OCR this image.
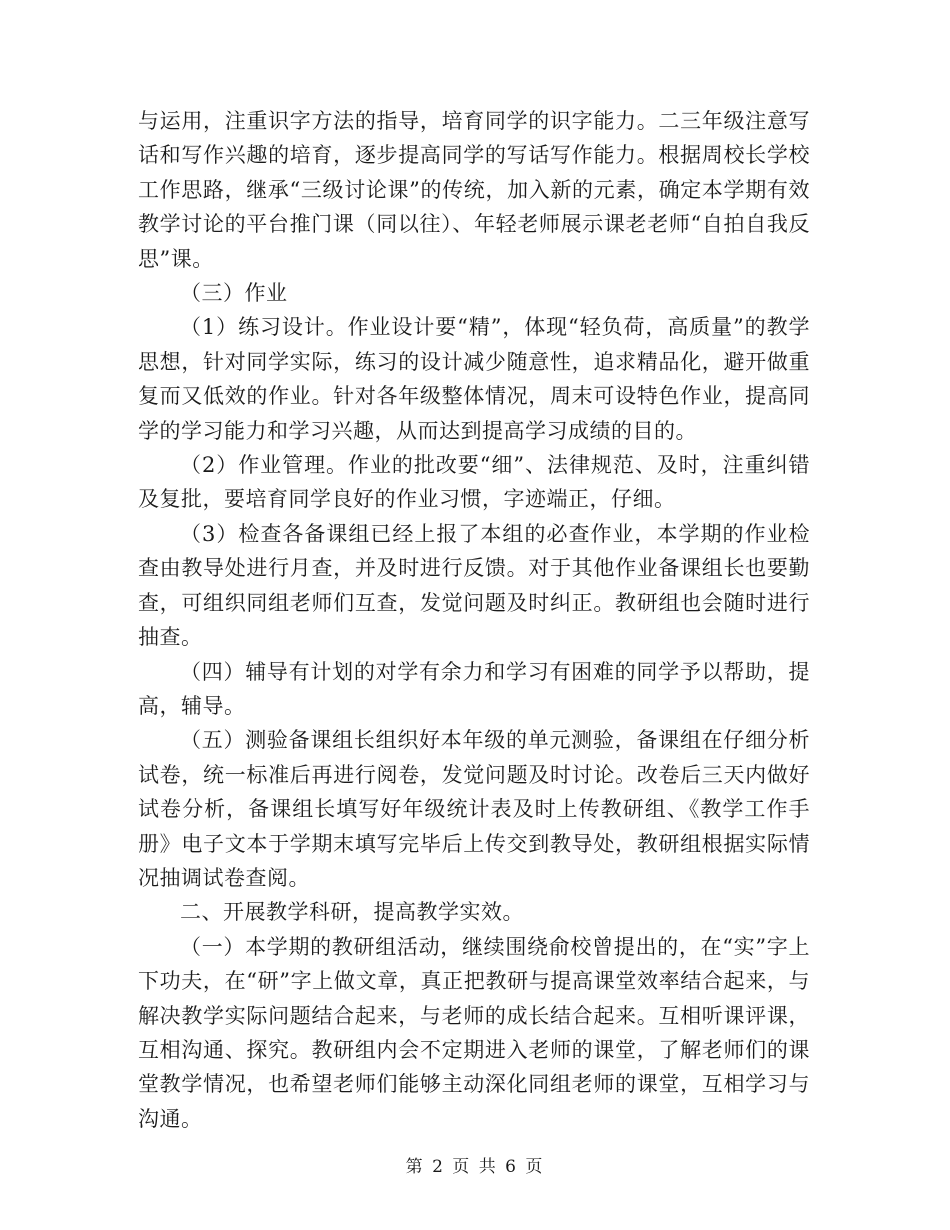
与运用，注重识字方法的指导，培育同学的识字能力。二三年级注意写话和写作兴趣的培育，逐步提高同学的写话写作能力。根据周校长学校工作思路，继承“三级讨论课”的传统，加入新的元素，确定本学期有效教学讨论的平台推门课（同以往）、年轻老师展示课老老师“自拍自我反思”课。

（三）作业

（1）练习设计。作业设计要“精”，体现“轻负荷，高质量”的教学思想，针对同学实际，练习的设计减少随意性，追求精品化，避开做重复而又低效的作业。针对各年级整体情况，周末可设特色作业，提高同学的学习能力和学习兴趣，从而达到提高学习成绩的目的。

（2）作业管理。作业的批改要“细”、法律规范、及时，注重纠错及复批，要培育同学良好的作业习惯，字迹端正，仔细。

（3）检查各备课组已经上报了本组的必查作业，本学期的作业检查由教导处进行月查，并及时进行反馈。对于其他作业备课组长也要勤查，可组织同组老师们互查，发觉问题及时纠正。教研组也会随时进行抽查。

（四）辅导有计划的对学有余力和学习有困难的同学予以帮助，提高，辅导。

（五）测验备课组长组织好本年级的单元测验，备课组在仔细分析试卷，统一标准后再进行阅卷，发觉问题及时讨论。改卷后三天内做好试卷分析，备课组长填写好年级统计表及时上传教研组、《教学工作手册》电子文本于学期末填写完毕后上传交到教导处，教研组根据实际情况抽调试卷查阅。

二、开展教学科研，提高教学实效。

（一）本学期的教研组活动，继续围绕俞校曾提出的，在“实”字上下功夫，在“研”字上做文章，真正把教研与提高课堂效率结合起来，与解决教学实际问题结合起来，与老师的成长结合起来。互相听课评课，互相沟通、探究。教研组内会不定期进入老师的课堂，了解老师们的课堂教学情况，也希望老师们能够主动深化同组老师的课堂，互相学习与沟通。

第 2 页 共 6 页
